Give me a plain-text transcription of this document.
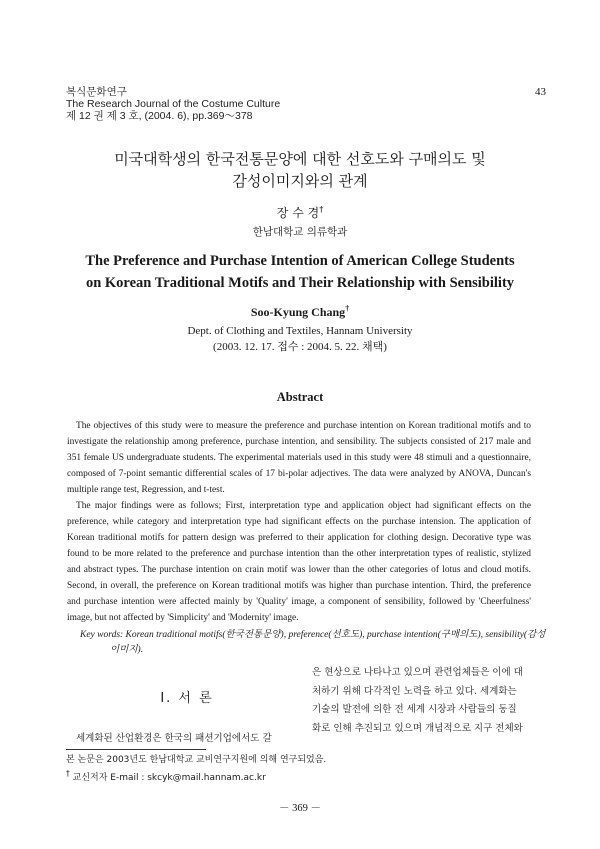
복식문화연구
The Research Journal of the Costume Culture
제 12 권 제 3 호, (2004. 6), pp.369～378
43
미국대학생의 한국전통문양에 대한 선호도와 구매의도 및
감성이미지와의 관계
장 수 경†
한남대학교 의류학과
The Preference and Purchase Intention of American College Students
on Korean Traditional Motifs and Their Relationship with Sensibility
Soo-Kyung Chang†
Dept. of Clothing and Textiles, Hannam University
(2003. 12. 17. 접수 : 2004. 5. 22. 채택)
Abstract

The objectives of this study were to measure the preference and purchase intention on Korean traditional motifs and to investigate the relationship among preference, purchase intention, and sensibility. The subjects consisted of 217 male and 351 female US undergraduate students. The experimental materials used in this study were 48 stimuli and a questionnaire, composed of 7-point semantic differential scales of 17 bi-polar adjectives. The data were analyzed by ANOVA, Duncan's multiple range test, Regression, and t-test.

The major findings were as follows; First, interpretation type and application object had significant effects on the preference, while category and interpretation type had significant effects on the purchase intension. The application of Korean traditional motifs for pattern design was preferred to their application for clothing design. Decorative type was found to be more related to the preference and purchase intention than the other interpretation types of realistic, stylized and abstract types. The purchase intention on crain motif was lower than the other categories of lotus and cloud motifs. Second, in overall, the preference on Korean traditional motifs was higher than purchase intention. Third, the preference and purchase intention were affected mainly by 'Quality' image, a component of sensibility, followed by 'Cheerfulness' image, but not affected by 'Simplicity' and 'Modernity' image.

Key words: Korean traditional motifs(한국전통문양), preference(선호도), purchase intention(구매의도), sensibility(감성이미지).
Ⅰ. 서 론
세계화된 산업환경은 한국의 패션기업에서도 갈
은 현상으로 나타나고 있으며 관련업체들은 이에 대
처하기 위해 다각적인 노력을 하고 있다. 세계화는
기술의 발전에 의한 전 세계 시장과 사람들의 동질
화로 인해 추진되고 있으며 개념적으로 지구 전체와
본 논문은 2003년도 한남대학교 교비연구지원에 의해 연구되었음.
† 교신저자 E-mail : skcyk@mail.hannam.ac.kr
－ 369 －
